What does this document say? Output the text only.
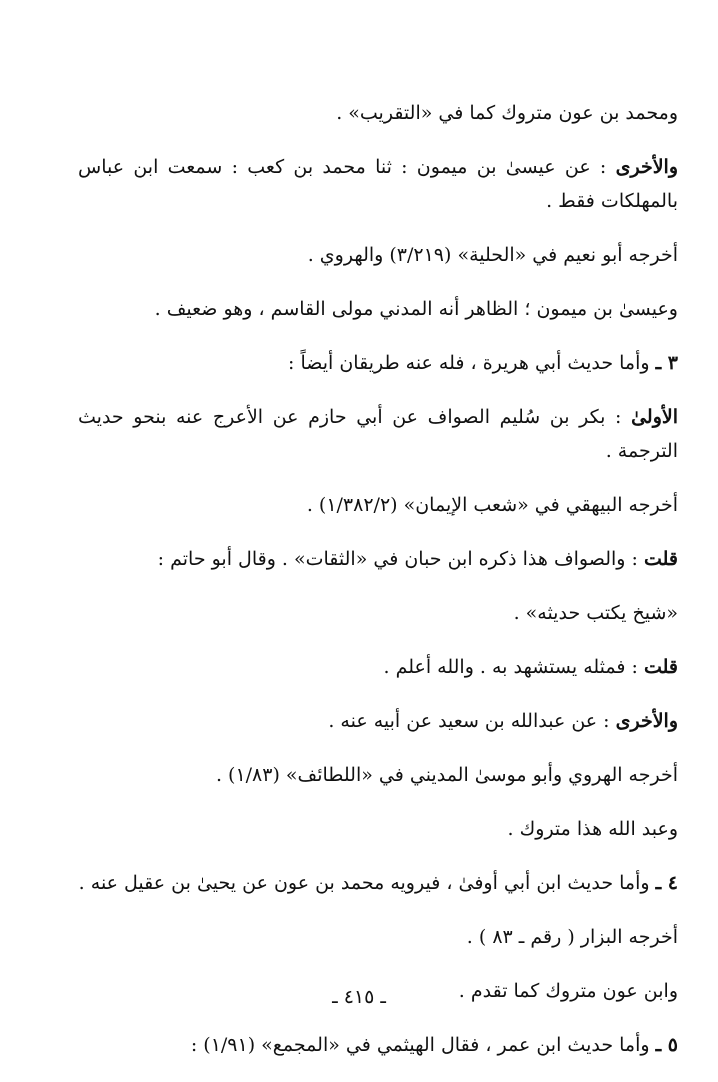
ومحمد بن عون متروك كما في «التقريب» .

والأخرى : عن عيسىٰ بن ميمون : ثنا محمد بن كعب : سمعت ابن عباس بالمهلكات فقط .

أخرجه أبو نعيم في «الحلية» (٣/٢١٩) والهروي .

وعيسىٰ بن ميمون ؛ الظاهر أنه المدني مولى القاسم ، وهو ضعيف .

٣ ـ وأما حديث أبي هريرة ، فله عنه طريقان أيضاً :

الأولىٰ : بكر بن سُليم الصواف عن أبي حازم عن الأعرج عنه بنحو حديث الترجمة .

أخرجه البيهقي في «شعب الإيمان» (١/٣٨٢/٢) .

قلت : والصواف هذا ذكره ابن حبان في «الثقات» . وقال أبو حاتم :

«شيخ يكتب حديثه» .

قلت : فمثله يستشهد به . والله أعلم .

والأخرى : عن عبدالله بن سعيد عن أبيه عنه .

أخرجه الهروي وأبو موسىٰ المديني في «اللطائف» (١/٨٣) .

وعبد الله هذا متروك .

٤ ـ وأما حديث ابن أبي أوفىٰ ، فيرويه محمد بن عون عن يحيىٰ بن عقيل عنه .

أخرجه البزار ( رقم ـ ٨٣ ) .

وابن عون متروك كما تقدم .

٥ ـ وأما حديث ابن عمر ، فقال الهيثمي في «المجمع» (١/٩١) :

ـ ٤١٥ ـ
